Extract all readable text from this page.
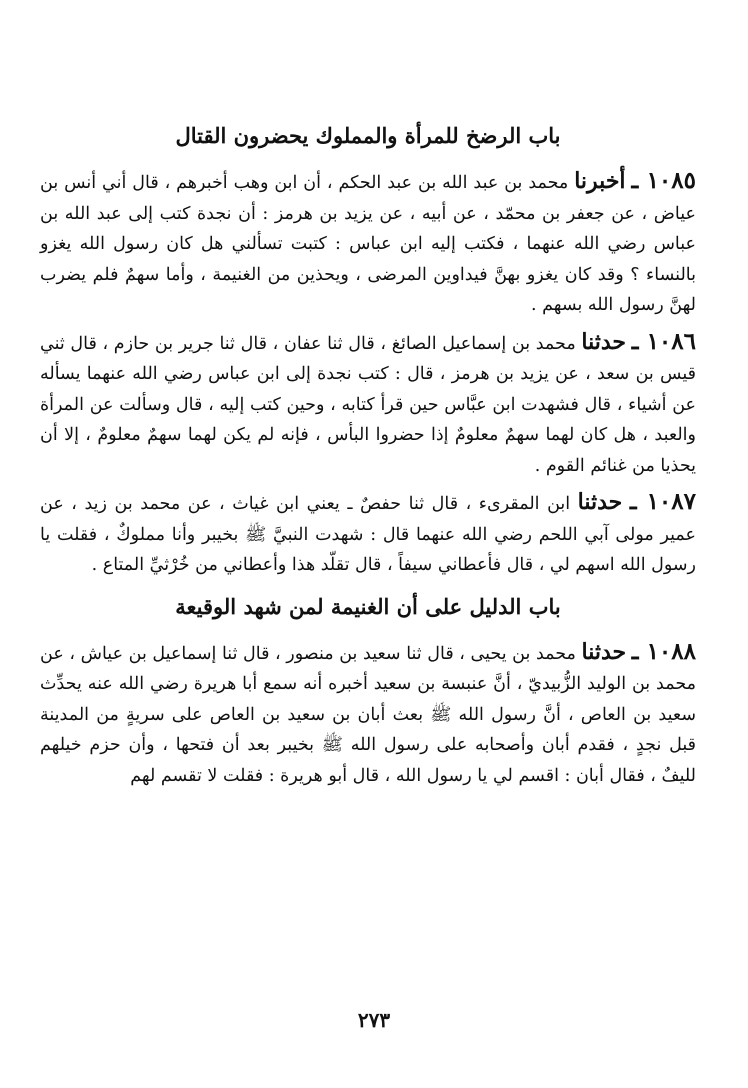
باب الرضخ للمرأة والمملوك يحضرون القتال

١٠٨٥ ـ أخبرنا محمد بن عبد الله بن عبد الحكم ، أن ابن وهب أخبرهم ، قال أني أنس بن عياض ، عن جعفر بن محمّد ، عن أبيه ، عن يزيد بن هرمز : أن نجدة كتب إلى عبد الله بن عباس رضي الله عنهما ، فكتب إليه ابن عباس : كتبت تسألني هل كان رسول الله يغزو بالنساء ؟ وقد كان يغزو بهنَّ فيداوين المرضى ، ويحذين من الغنيمة ، وأما سهمٌ فلم يضرب لهنَّ رسول الله بسهم .

١٠٨٦ ـ حدثنا محمد بن إسماعيل الصائغ ، قال ثنا عفان ، قال ثنا جرير بن حازم ، قال ثني قيس بن سعد ، عن يزيد بن هرمز ، قال : كتب نجدة إلى ابن عباس رضي الله عنهما يسأله عن أشياء ، قال فشهدت ابن عبَّاس حين قرأ كتابه ، وحين كتب إليه ، قال وسألت عن المرأة والعبد ، هل كان لهما سهمٌ معلومٌ إذا حضروا البأس ، فإنه لم يكن لهما سهمٌ معلومٌ ، إلا أن يحذيا من غنائم القوم .

١٠٨٧ ـ حدثنا ابن المقرىء ، قال ثنا حفصٌ ـ يعني ابن غياث ، عن محمد بن زيد ، عن عمير مولى آبي اللحم رضي الله عنهما قال : شهدت النبيَّ ﷺ بخيبر وأنا مملوكٌ ، فقلت يا رسول الله اسهم لي ، قال فأعطاني سيفاً ، قال تقلّد هذا وأعطاني من خُرْثيِّ المتاع .

باب الدليل على أن الغنيمة لمن شهد الوقيعة

١٠٨٨ ـ حدثنا محمد بن يحيى ، قال ثنا سعيد بن منصور ، قال ثنا إسماعيل بن عياش ، عن محمد بن الوليد الزُّبيديّ ، أنَّ عنبسة بن سعيد أخبره أنه سمع أبا هريرة رضي الله عنه يحدِّث سعيد بن العاص ، أنَّ رسول الله ﷺ بعث أبان بن سعيد بن العاص على سريةٍ من المدينة قبل نجدٍ ، فقدم أبان وأصحابه على رسول الله ﷺ بخيبر بعد أن فتحها ، وأن حزم خيلهم لليفٌ ، فقال أبان : اقسم لي يا رسول الله ، قال أبو هريرة : فقلت لا تقسم لهم

٢٧٣
